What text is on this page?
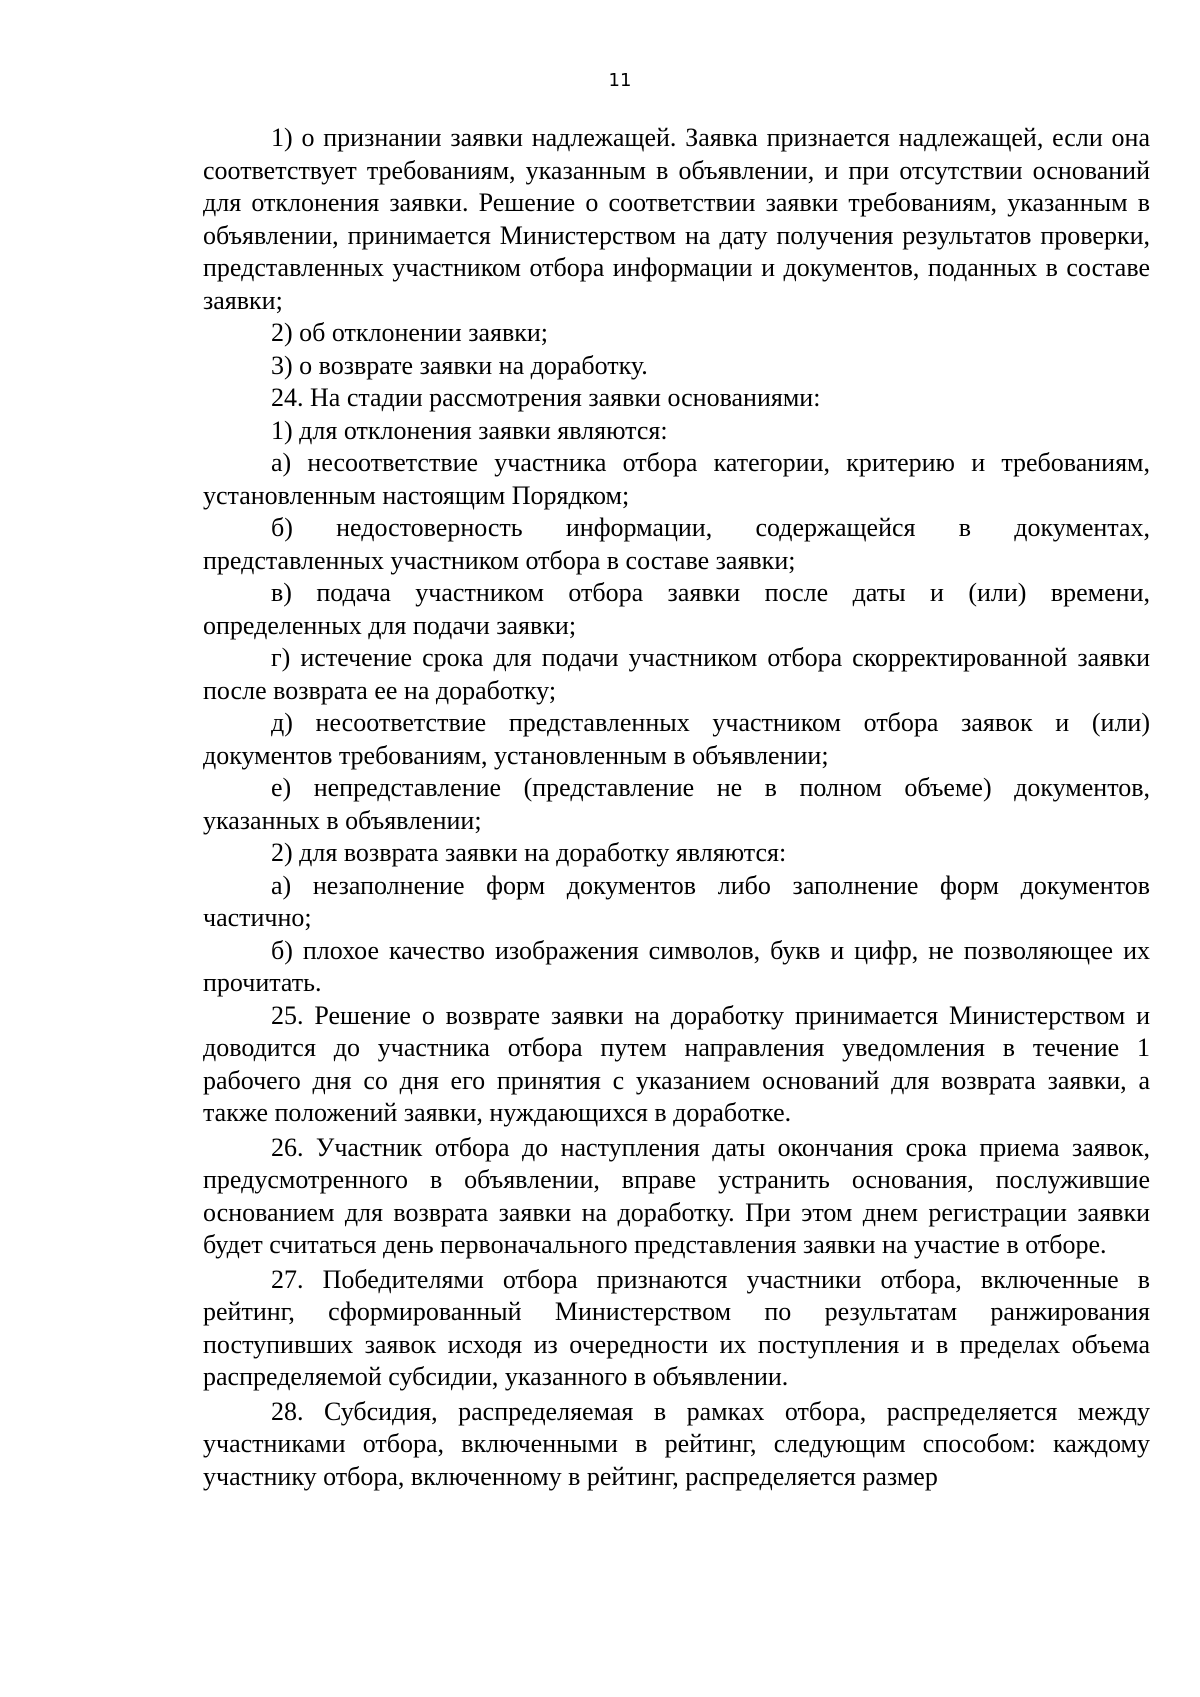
11

1) о признании заявки надлежащей. Заявка признается надлежащей, если она соответствует требованиям, указанным в объявлении, и при отсутствии оснований для отклонения заявки. Решение о соответствии заявки требованиям, указанным в объявлении, принимается Министерством на дату получения результатов проверки, представленных участником отбора информации и документов, поданных в составе заявки;

2) об отклонении заявки;

3) о возврате заявки на доработку.

24. На стадии рассмотрения заявки основаниями:

1) для отклонения заявки являются:

а) несоответствие участника отбора категории, критерию и требованиям, установленным настоящим Порядком;

б) недостоверность информации, содержащейся в документах, представленных участником отбора в составе заявки;

в) подача участником отбора заявки после даты и (или) времени, определенных для подачи заявки;

г) истечение срока для подачи участником отбора скорректированной заявки после возврата ее на доработку;

д) несоответствие представленных участником отбора заявок и (или) документов требованиям, установленным в объявлении;

е) непредставление (представление не в полном объеме) документов, указанных в объявлении;

2) для возврата заявки на доработку являются:

а) незаполнение форм документов либо заполнение форм документов частично;

б) плохое качество изображения символов, букв и цифр, не позволяющее их прочитать.

25. Решение о возврате заявки на доработку принимается Министерством и доводится до участника отбора путем направления уведомления в течение 1 рабочего дня со дня его принятия с указанием оснований для возврата заявки, а также положений заявки, нуждающихся в доработке.

26. Участник отбора до наступления даты окончания срока приема заявок, предусмотренного в объявлении, вправе устранить основания, послужившие основанием для возврата заявки на доработку. При этом днем регистрации заявки будет считаться день первоначального представления заявки на участие в отборе.

27. Победителями отбора признаются участники отбора, включенные в рейтинг, сформированный Министерством по результатам ранжирования поступивших заявок исходя из очередности их поступления и в пределах объема распределяемой субсидии, указанного в объявлении.

28. Субсидия, распределяемая в рамках отбора, распределяется между участниками отбора, включенными в рейтинг, следующим способом: каждому участнику отбора, включенному в рейтинг, распределяется размер
